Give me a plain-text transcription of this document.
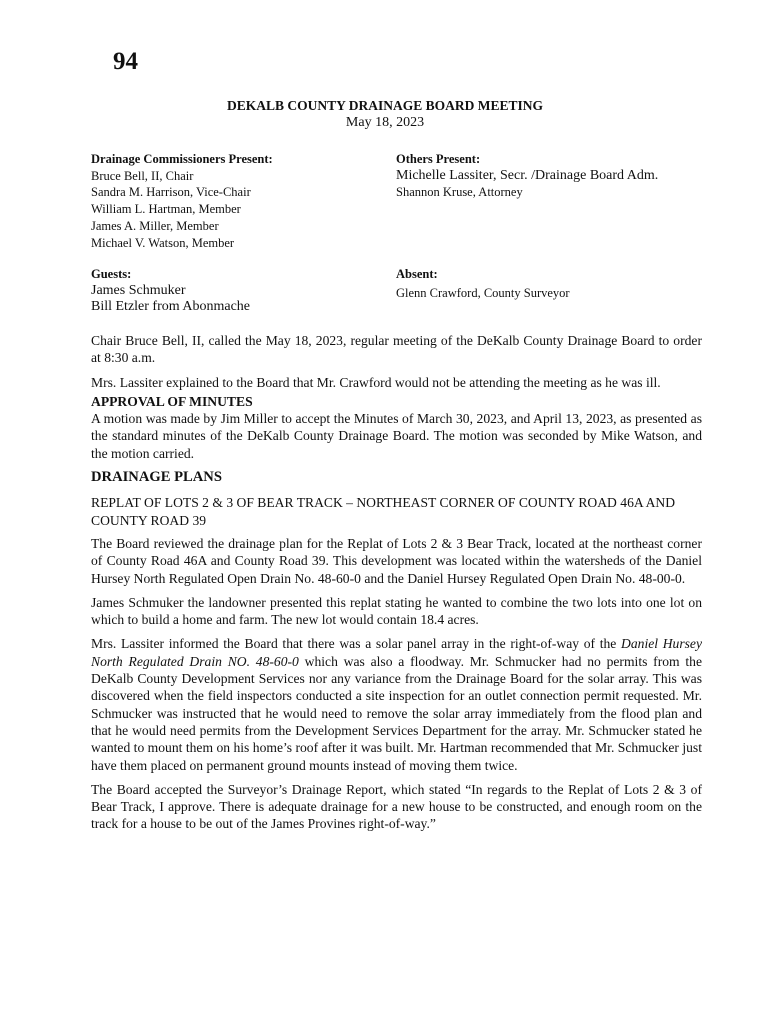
94
DEKALB COUNTY DRAINAGE BOARD MEETING
May 18, 2023
Drainage Commissioners Present:
Bruce Bell, II, Chair
Sandra M. Harrison, Vice-Chair
William L. Hartman, Member
James A. Miller, Member
Michael V. Watson, Member
Others Present:
Michelle Lassiter, Secr. /Drainage Board Adm.
Shannon Kruse, Attorney
Guests:
James Schmuker
Bill Etzler from Abonmache
Absent:
Glenn Crawford, County Surveyor

Chair Bruce Bell, II, called the May 18, 2023, regular meeting of the DeKalb County Drainage Board to order at 8:30 a.m.

Mrs. Lassiter explained to the Board that Mr. Crawford would not be attending the meeting as he was ill.

APPROVAL OF MINUTES

A motion was made by Jim Miller to accept the Minutes of March 30, 2023, and April 13, 2023, as presented as the standard minutes of the DeKalb County Drainage Board. The motion was seconded by Mike Watson, and the motion carried.

DRAINAGE PLANS

REPLAT OF LOTS 2 & 3 OF BEAR TRACK – NORTHEAST CORNER OF COUNTY ROAD 46A AND COUNTY ROAD 39

The Board reviewed the drainage plan for the Replat of Lots 2 & 3 Bear Track, located at the northeast corner of County Road 46A and County Road 39. This development was located within the watersheds of the Daniel Hursey North Regulated Open Drain No. 48-60-0 and the Daniel Hursey Regulated Open Drain No. 48-00-0.

James Schmuker the landowner presented this replat stating he wanted to combine the two lots into one lot on which to build a home and farm. The new lot would contain 18.4 acres.

Mrs. Lassiter informed the Board that there was a solar panel array in the right-of-way of the Daniel Hursey North Regulated Drain NO. 48-60-0 which was also a floodway. Mr. Schmucker had no permits from the DeKalb County Development Services nor any variance from the Drainage Board for the solar array. This was discovered when the field inspectors conducted a site inspection for an outlet connection permit requested. Mr. Schmucker was instructed that he would need to remove the solar array immediately from the flood plan and that he would need permits from the Development Services Department for the array. Mr. Schmucker stated he wanted to mount them on his home’s roof after it was built. Mr. Hartman recommended that Mr. Schmucker just have them placed on permanent ground mounts instead of moving them twice.

The Board accepted the Surveyor’s Drainage Report, which stated “In regards to the Replat of Lots 2 & 3 of Bear Track, I approve. There is adequate drainage for a new house to be constructed, and enough room on the track for a house to be out of the James Provines right-of-way.”
